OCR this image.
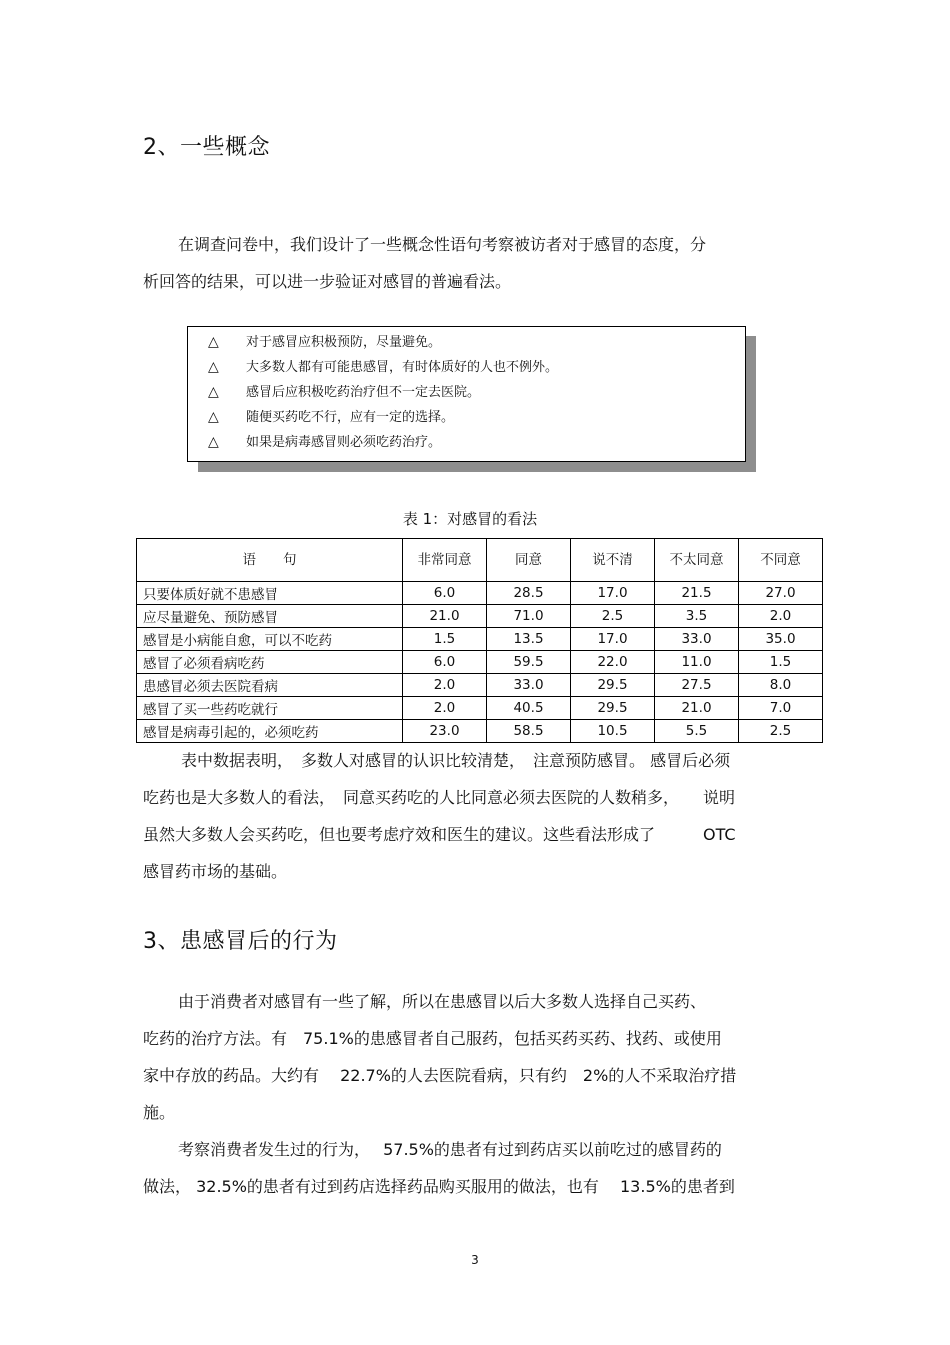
2、一些概念
在调查问卷中，我们设计了一些概念性语句考察被访者对于感冒的态度，分
析回答的结果，可以进一步验证对感冒的普遍看法。
△ 对于感冒应积极预防，尽量避免。
△ 大多数人都有可能患感冒，有时体质好的人也不例外。
△ 感冒后应积极吃药治疗但不一定去医院。
△ 随便买药吃不行，应有一定的选择。
△ 如果是病毒感冒则必须吃药治疗。
表 1：对感冒的看法
语　　句	非常同意	同意	说不清	不太同意	不同意
只要体质好就不患感冒	6.0	28.5	17.0	21.5	27.0
应尽量避免、预防感冒	21.0	71.0	2.5	3.5	2.0
感冒是小病能自愈，可以不吃药	1.5	13.5	17.0	33.0	35.0
感冒了必须看病吃药	6.0	59.5	22.0	11.0	1.5
患感冒必须去医院看病	2.0	33.0	29.5	27.5	8.0
感冒了买一些药吃就行	2.0	40.5	29.5	21.0	7.0
感冒是病毒引起的，必须吃药	23.0	58.5	10.5	5.5	2.5
表中数据表明，　多数人对感冒的认识比较清楚，　注意预防感冒。 感冒后必须
吃药也是大多数人的看法，　同意买药吃的人比同意必须去医院的人数稍多，　　说明
虽然大多数人会买药吃，但也要考虑疗效和医生的建议。这些看法形成了　　　OTC
感冒药市场的基础。
3、患感冒后的行为
由于消费者对感冒有一些了解，所以在患感冒以后大多数人选择自己买药、
吃药的治疗方法。有　75.1%的患感冒者自己服药，包括买药买药、找药、或使用
家中存放的药品。大约有　 22.7%的人去医院看病，只有约　2%的人不采取治疗措
施。
考察消费者发生过的行为，　 57.5%的患者有过到药店买以前吃过的感冒药的
做法， 32.5%的患者有过到药店选择药品购买服用的做法，也有　 13.5%的患者到
3
